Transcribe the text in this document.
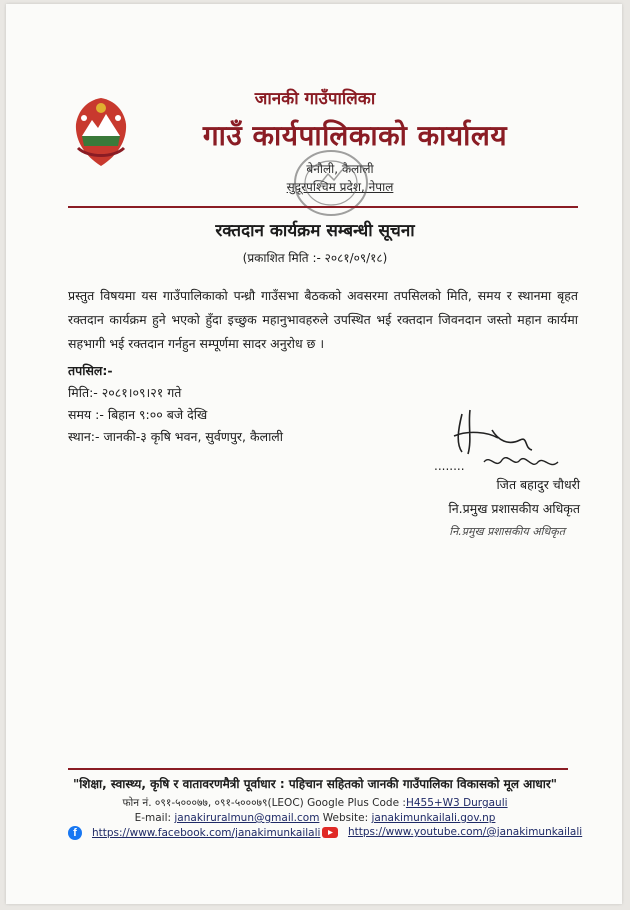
जानकी गाउँपालिका
गाउँ कार्यपालिकाको कार्यालय
बेनौली, कैलाली
सुदूरपश्चिम प्रदेश, नेपाल
रक्तदान कार्यक्रम सम्बन्धी सूचना
(प्रकाशित मिति :- २०८१/०९/१८)
प्रस्तुत विषयमा यस गाउँपालिकाको पन्ध्रौ गाउँसभा बैठकको अवसरमा तपसिलको मिति, समय र स्थानमा बृहत रक्तदान कार्यक्रम हुने भएको हुँदा इच्छुक महानुभावहरुले उपस्थित भई रक्तदान जिवनदान जस्तो महान कार्यमा सहभागी भई रक्तदान गर्नहुन सम्पूर्णमा सादर अनुरोध छ ।
तपसिल:-
मिति:- २०८१।०९।२१ गते
समय :- बिहान ९:०० बजे देखि
स्थान:- जानकी-३ कृषि भवन, सुर्वणपुर, कैलाली
........
जित बहादुर चौधरी
नि.प्रमुख प्रशासकीय अधिकृत
नि.प्रमुख प्रशासकीय अधिकृत
"शिक्षा, स्वास्थ्य, कृषि र वातावरणमैत्री पूर्वाधार : पहिचान सहितको जानकी गाउँपालिका विकासको मूल आधार"
फोन नं. ०९१-५०००७७, ०९१-५०००७९(LEOC) Google Plus Code :H455+W3 Durgauli
E-mail: janakiruralmun@gmail.com Website: janakimunkailali.gov.np
f	https://www.facebook.com/janakimunkailali	https://www.youtube.com/@janakimunkailali
